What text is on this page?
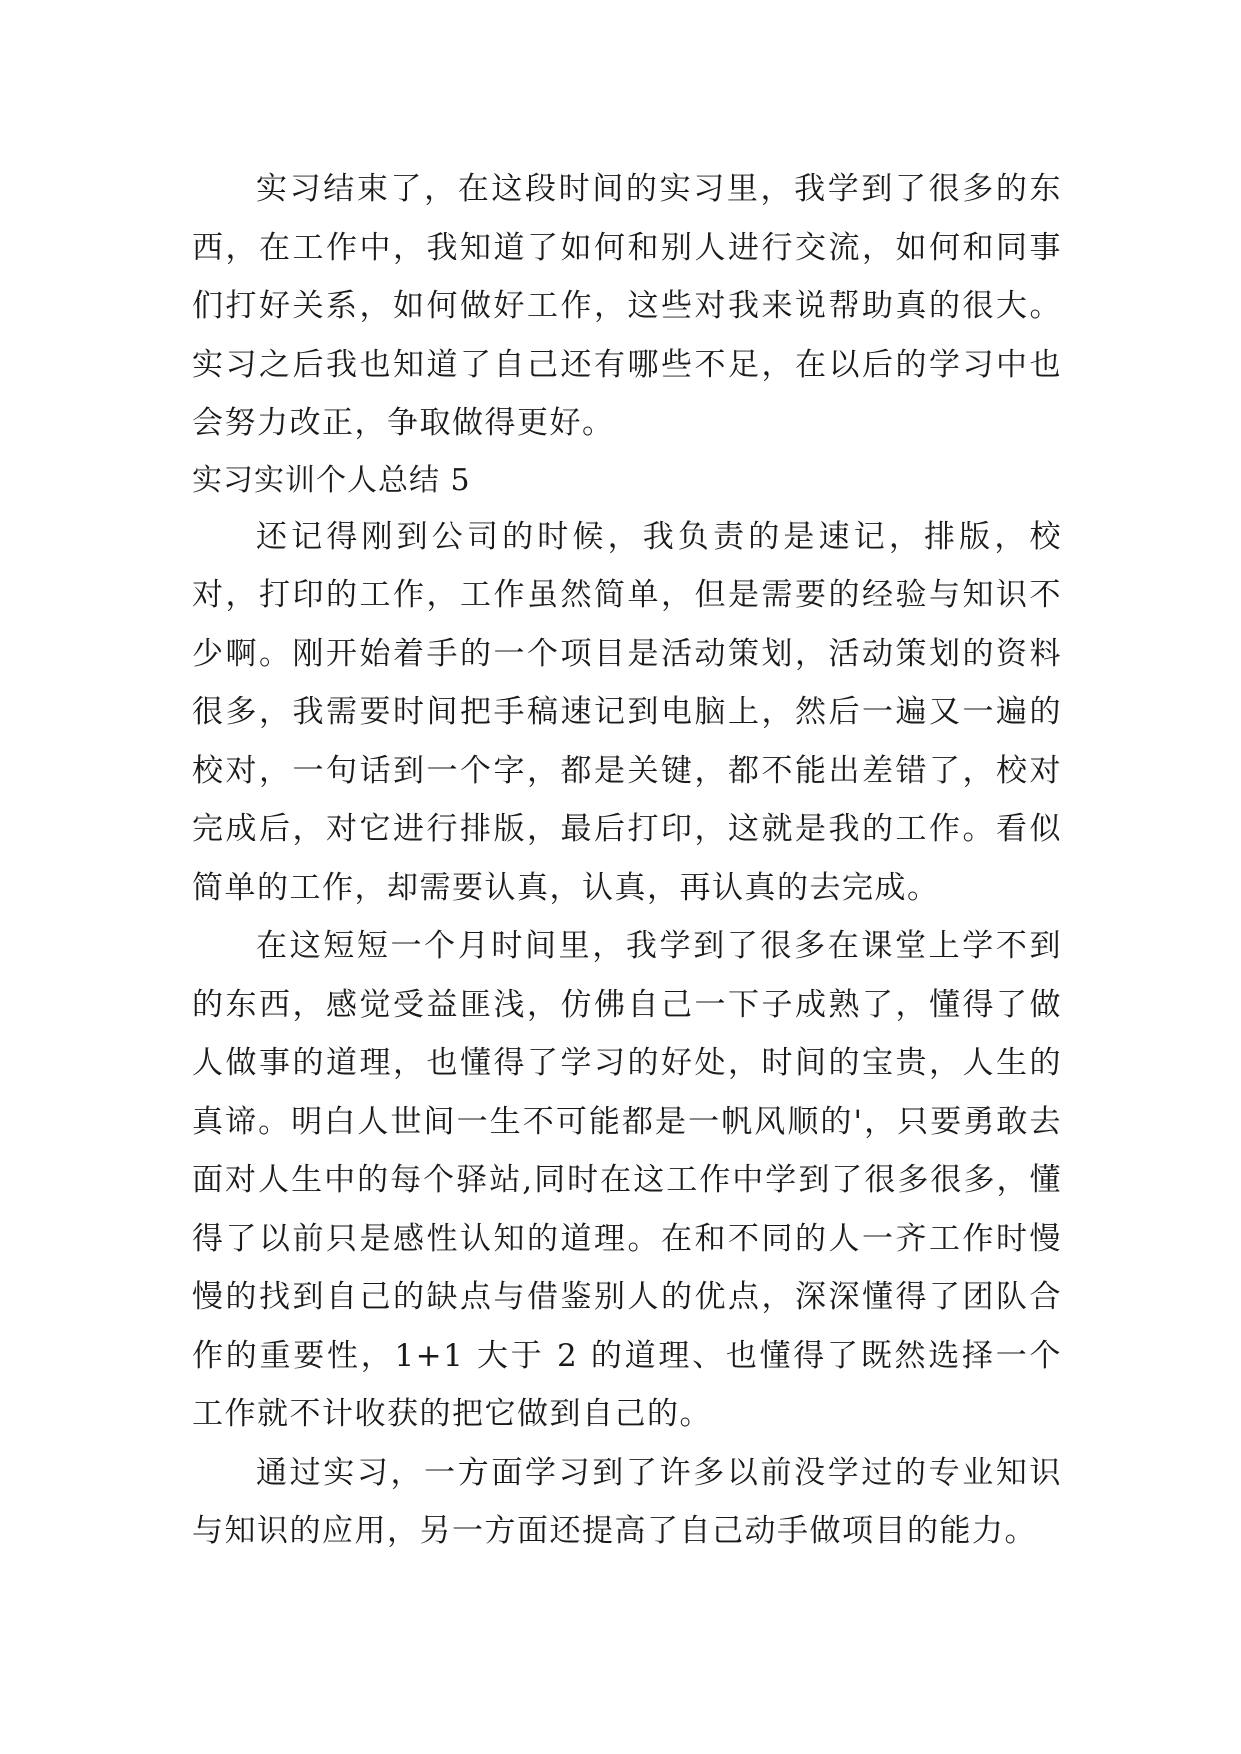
实习结束了，在这段时间的实习里，我学到了很多的东西，在工作中，我知道了如何和别人进行交流，如何和同事们打好关系，如何做好工作，这些对我来说帮助真的很大。实习之后我也知道了自己还有哪些不足，在以后的学习中也会努力改正，争取做得更好。

实习实训个人总结 5

还记得刚到公司的时候，我负责的是速记，排版，校对，打印的工作，工作虽然简单，但是需要的经验与知识不少啊。刚开始着手的一个项目是活动策划，活动策划的资料很多，我需要时间把手稿速记到电脑上，然后一遍又一遍的校对，一句话到一个字，都是关键，都不能出差错了，校对完成后，对它进行排版，最后打印，这就是我的工作。看似简单的工作，却需要认真，认真，再认真的去完成。

在这短短一个月时间里，我学到了很多在课堂上学不到的东西，感觉受益匪浅，仿佛自己一下子成熟了，懂得了做人做事的道理，也懂得了学习的好处，时间的宝贵，人生的真谛。明白人世间一生不可能都是一帆风顺的'，只要勇敢去面对人生中的每个驿站,同时在这工作中学到了很多很多，懂得了以前只是感性认知的道理。在和不同的人一齐工作时慢慢的找到自己的缺点与借鉴别人的优点，深深懂得了团队合作的重要性，1+1 大于 2 的道理、也懂得了既然选择一个工作就不计收获的把它做到自己的。

通过实习，一方面学习到了许多以前没学过的专业知识与知识的应用，另一方面还提高了自己动手做项目的能力。
